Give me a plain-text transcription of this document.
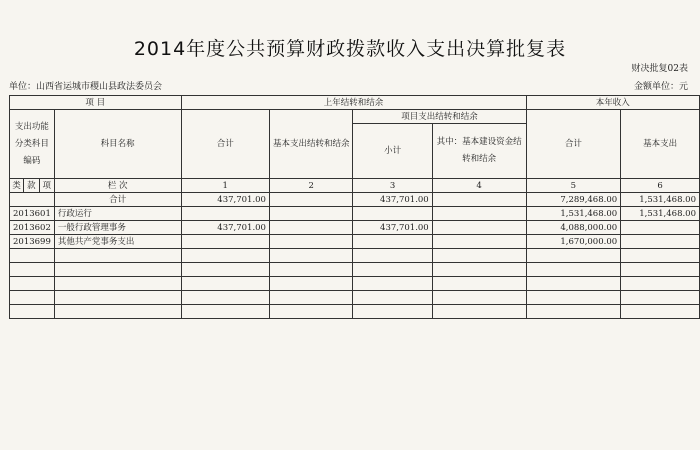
2014年度公共预算财政拨款收入支出决算批复表
财决批复02表
单位：山西省运城市稷山县政法委员会	金额单位：元
项 目				上年结转和结余				本年收入	
支出功能分类科目编码			科目名称	合计	基本支出结转和结余	项目支出结转和结余		合计	基本支出
						小计	其中：基本建设资金结转和结余		
类	款	项	栏 次	1	2	3	4	5	6
			合计	437,701.00		437,701.00		7,289,468.00	1,531,468.00
2013601			行政运行					1,531,468.00	1,531,468.00
2013602			一般行政管理事务	437,701.00		437,701.00		4,088,000.00	
2013699			其他共产党事务支出					1,670,000.00	
